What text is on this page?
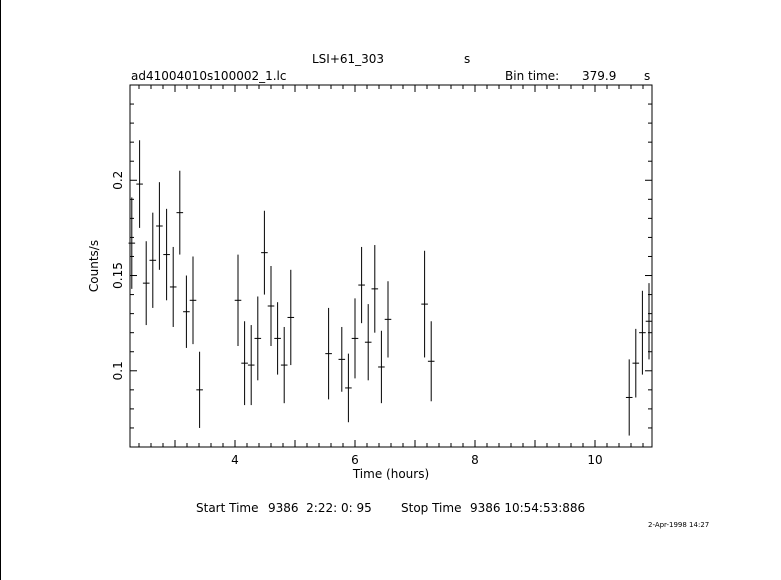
LSI+61_303	s
ad41004010s100002_1.lc	Bin time: 379.9 s
4	6	8	10
0.1
0.15
0.2
Time (hours)
Counts/s
Start Time 9386  2:22: 0: 95 Stop Time 9386 10:54:53:886
2-Apr-1998 14:27
